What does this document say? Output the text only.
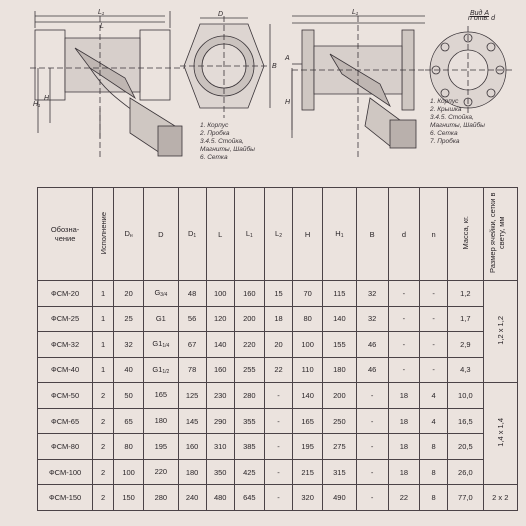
L₁
L
H₁
H
D
B
L₁
А
H
n отв. d
Вид А
1. Корпус
2. Пробка
3.4.5. Стойка, Магниты, Шайбы
6. Сетка
1. Корпус
2. Крышка
3.4.5. Стойка,
Магниты, Шайбы
6. Сетка
7. Пробка
Обозна-
чение	Исполнение	$D_н$	D	$D_1$	L	$L_1$	$L_2$	H	$H_1$	B	d	n	Масса, кг.	Размер ячейки, сетки в свету, мм
ФСМ-20	1	20	$G_{3/4}$	48	100	160	15	70	115	32	-	-	1,2	1,2 х 1,2
ФСМ-25	1	25	G1	56	120	200	18	80	140	32	-	-	1,7	
ФСМ-32	1	32	$G1_{1/4}$	67	140	220	20	100	155	46	-	-	2,9	
ФСМ-40	1	40	$G1_{1/2}$	78	160	255	22	110	180	46	-	-	4,3	
ФСМ-50	2	50	165	125	230	280	-	140	200	-	18	4	10,0	1,4 х 1,4
ФСМ-65	2	65	180	145	290	355	-	165	250	-	18	4	16,5	
ФСМ-80	2	80	195	160	310	385	-	195	275	-	18	8	20,5	
ФСМ-100	2	100	220	180	350	425	-	215	315	-	18	8	26,0	
ФСМ-150	2	150	280	240	480	645	-	320	490	-	22	8	77,0	2 х 2
